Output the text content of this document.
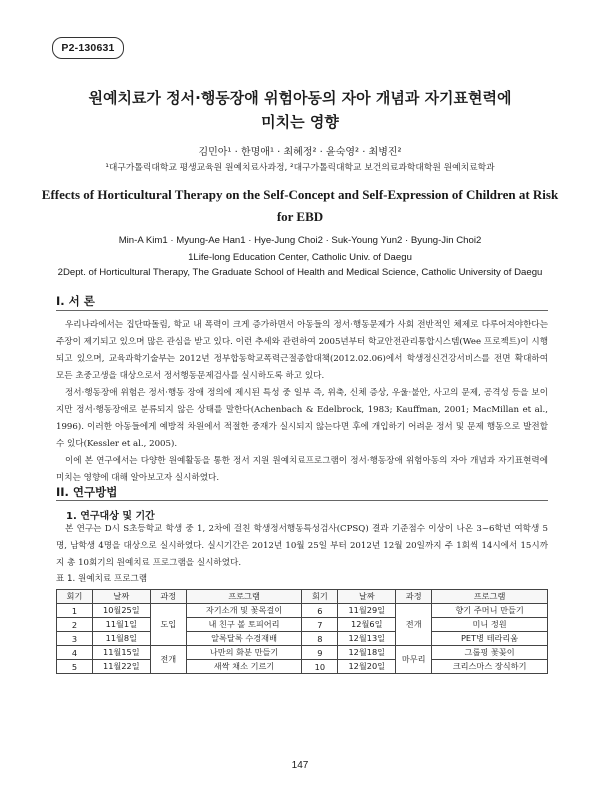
P2-130631
원예치료가 정서·행동장애 위험아동의 자아 개념과 자기표현력에
미치는 영향
김민아¹ · 한명애¹ · 최혜정² · 윤숙영² · 최병진²
¹대구가톨릭대학교 평생교육원 원예치료사과정, ²대구가톨릭대학교 보건의료과학대학원 원예치료학과
Effects of Horticultural Therapy on the Self-Concept and Self-Expression of Children at Risk for EBD
Min-A Kim1 · Myung-Ae Han1 · Hye-Jung Choi2 · Suk-Young Yun2 · Byung-Jin Choi2
1Life-long Education Center, Catholic Univ. of Daegu
2Dept. of Horticultural Therapy, The Graduate School of Health and Medical Science, Catholic University of Daegu
I. 서 론

우리나라에서는 집단따돌림, 학교 내 폭력이 크게 증가하면서 아동들의 정서·행동문제가 사회 전반적인 체제로 다루어져야한다는 주장이 제기되고 있으며 많은 관심을 받고 있다. 이런 추세와 관련하여 2005년부터 학교안전관리통합시스템(Wee 프로젝트)이 시행되고 있으며, 교육과학기술부는 2012년 정부합동학교폭력근절종합대책(2012.02.06)에서 학생정신건강서비스를 전면 확대하여 모든 초중고생을 대상으로서 정서행동문제검사를 실시하도록 하고 있다.

정서·행동장애 위험은 정서·행동 장애 정의에 제시된 특성 중 일부 즉, 위축, 신체 증상, 우울·불안, 사고의 문제, 공격성 등을 보이지만 정서·행동장애로 분류되지 않은 상태를 말한다(Achenbach & Edelbrock, 1983; Kauffman, 2001; MacMillan et al., 1996). 이러한 아동들에게 예방적 차원에서 적절한 중재가 실시되지 않는다면 후에 개입하기 어려운 정서 및 문제 행동으로 발전할 수 있다(Kessler et al., 2005).

이에 본 연구에서는 다양한 원예활동을 통한 정서 지원 원예치료프로그램이 정서·행동장애 위험아동의 자아 개념과 자기표현력에 미치는 영향에 대해 알아보고자 실시하였다.

II. 연구방법
1. 연구대상 및 기간

본 연구는 D시 S초등학교 학생 중 1, 2차에 걸친 학생정서행동특성검사(CPSQ) 결과 기준점수 이상이 나온 3~6학년 여학생 5명, 남학생 4명을 대상으로 실시하였다. 실시기간은 2012년 10월 25일 부터 2012년 12월 20일까지 주 1회씩 14시에서 15시까지 총 10회기의 원예치료 프로그램을 실시하였다.

표 1. 원예치료 프로그램
회기	날짜	과정	프로그램	회기	날짜	과정	프로그램
1	10월25일	도입	자기소개 및 꽃목걸이	6	11월29일	전개	향기 주머니 만들기
2	11월1일		내 친구 볼 토피어리	7	12월6일		미니 정원
3	11월8일		알록달록 수경재배	8	12월13일		PET병 테라리움
4	11월15일	전개	나만의 화분 만들기	9	12월18일	마무리	그룹핑 꽃꽂이
5	11월22일		새싹 채소 기르기	10	12월20일		크리스마스 장식하기
147
